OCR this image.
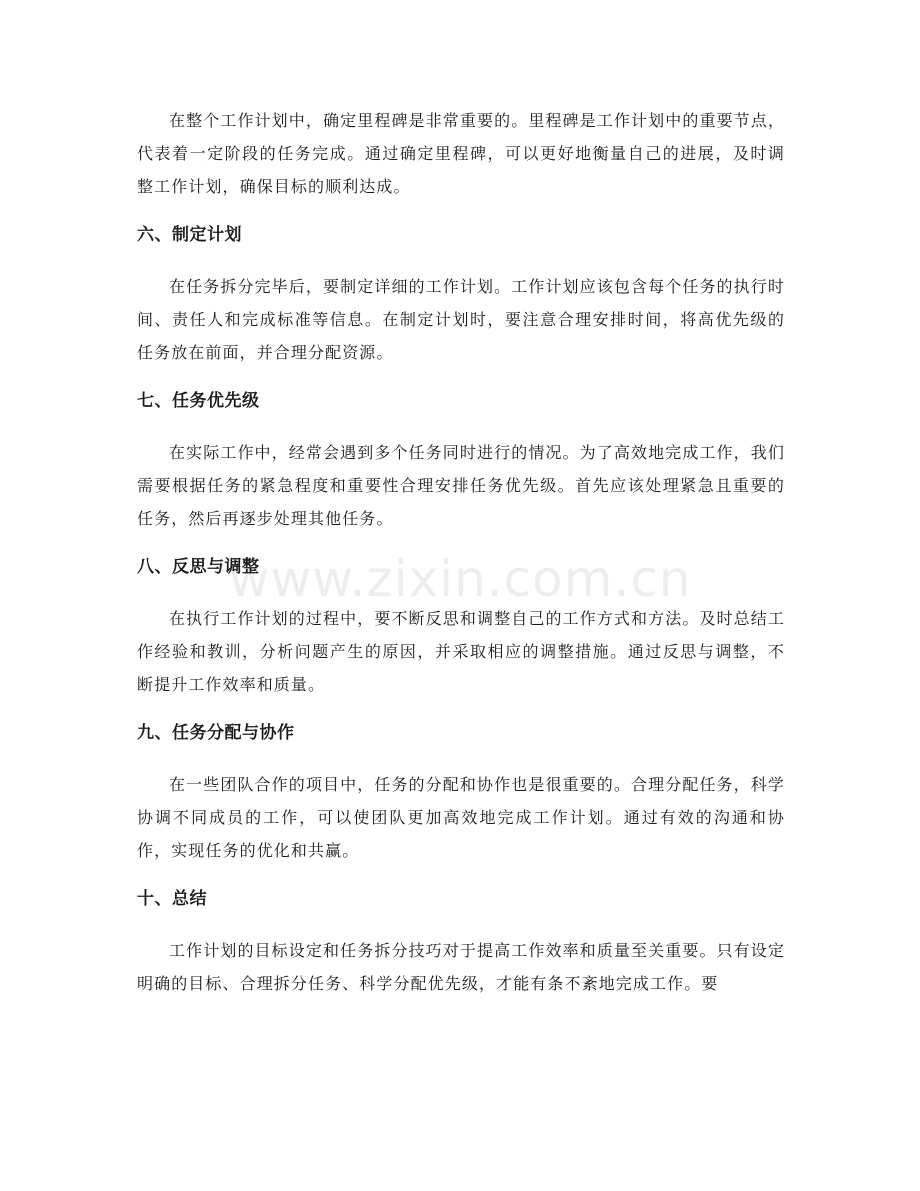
在整个工作计划中，确定里程碑是非常重要的。里程碑是工作计划中的重要节点，代表着一定阶段的任务完成。通过确定里程碑，可以更好地衡量自己的进展，及时调整工作计划，确保目标的顺利达成。

六、制定计划

在任务拆分完毕后，要制定详细的工作计划。工作计划应该包含每个任务的执行时间、责任人和完成标准等信息。在制定计划时，要注意合理安排时间，将高优先级的任务放在前面，并合理分配资源。

七、任务优先级

在实际工作中，经常会遇到多个任务同时进行的情况。为了高效地完成工作，我们需要根据任务的紧急程度和重要性合理安排任务优先级。首先应该处理紧急且重要的任务，然后再逐步处理其他任务。

八、反思与调整

在执行工作计划的过程中，要不断反思和调整自己的工作方式和方法。及时总结工作经验和教训，分析问题产生的原因，并采取相应的调整措施。通过反思与调整，不断提升工作效率和质量。

九、任务分配与协作

在一些团队合作的项目中，任务的分配和协作也是很重要的。合理分配任务，科学协调不同成员的工作，可以使团队更加高效地完成工作计划。通过有效的沟通和协作，实现任务的优化和共赢。

十、总结

工作计划的目标设定和任务拆分技巧对于提高工作效率和质量至关重要。只有设定明确的目标、合理拆分任务、科学分配优先级，才能有条不紊地完成工作。要

www.zixin.com.cn
